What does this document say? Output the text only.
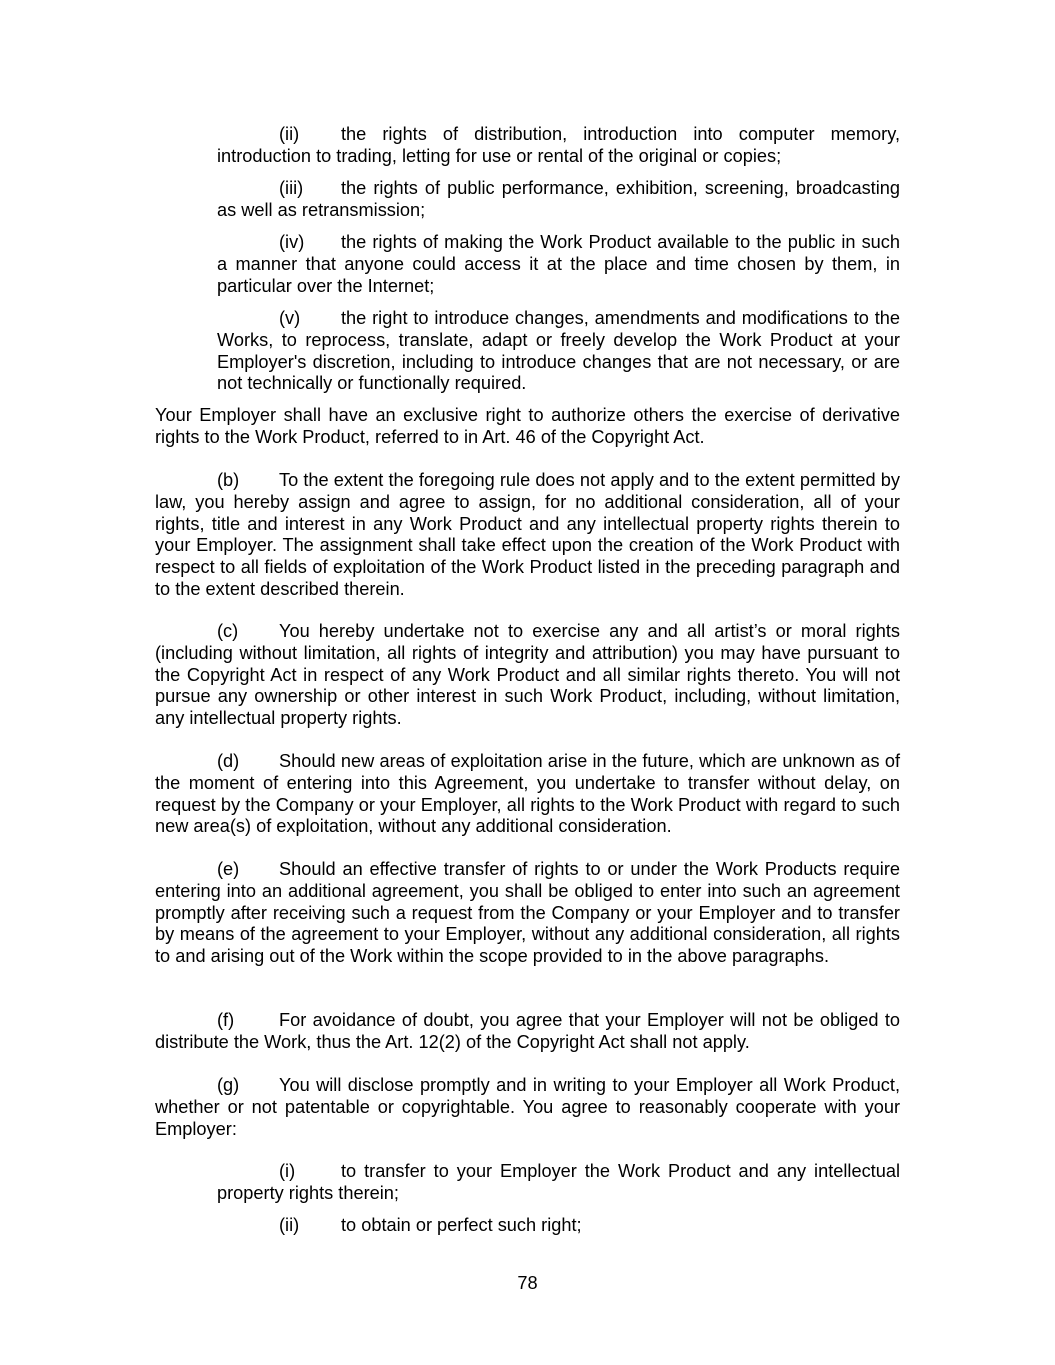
(ii) the rights of distribution, introduction into computer memory, introduction to trading, letting for use or rental of the original or copies;

(iii) the rights of public performance, exhibition, screening, broadcasting as well as retransmission;

(iv) the rights of making the Work Product available to the public in such a manner that anyone could access it at the place and time chosen by them, in particular over the Internet;

(v) the right to introduce changes, amendments and modifications to the Works, to reprocess, translate, adapt or freely develop the Work Product at your Employer's discretion, including to introduce changes that are not necessary, or are not technically or functionally required.

Your Employer shall have an exclusive right to authorize others the exercise of derivative rights to the Work Product, referred to in Art. 46 of the Copyright Act.

(b) To the extent the foregoing rule does not apply and to the extent permitted by law, you hereby assign and agree to assign, for no additional consideration, all of your rights, title and interest in any Work Product and any intellectual property rights therein to your Employer. The assignment shall take effect upon the creation of the Work Product with respect to all fields of exploitation of the Work Product listed in the preceding paragraph and to the extent described therein.

(c) You hereby undertake not to exercise any and all artist’s or moral rights (including without limitation, all rights of integrity and attribution) you may have pursuant to the Copyright Act in respect of any Work Product and all similar rights thereto. You will not pursue any ownership or other interest in such Work Product, including, without limitation, any intellectual property rights.

(d) Should new areas of exploitation arise in the future, which are unknown as of the moment of entering into this Agreement, you undertake to transfer without delay, on request by the Company or your Employer, all rights to the Work Product with regard to such new area(s) of exploitation, without any additional consideration.

(e) Should an effective transfer of rights to or under the Work Products require entering into an additional agreement, you shall be obliged to enter into such an agreement promptly after receiving such a request from the Company or your Employer and to transfer by means of the agreement to your Employer, without any additional consideration, all rights to and arising out of the Work within the scope provided to in the above paragraphs.

(f) For avoidance of doubt, you agree that your Employer will not be obliged to distribute the Work, thus the Art. 12(2) of the Copyright Act shall not apply.

(g) You will disclose promptly and in writing to your Employer all Work Product, whether or not patentable or copyrightable. You agree to reasonably cooperate with your Employer:

(i)	to transfer to your Employer the Work Product and any intellectual property rights therein;

(ii) to obtain or perfect such right;

78
